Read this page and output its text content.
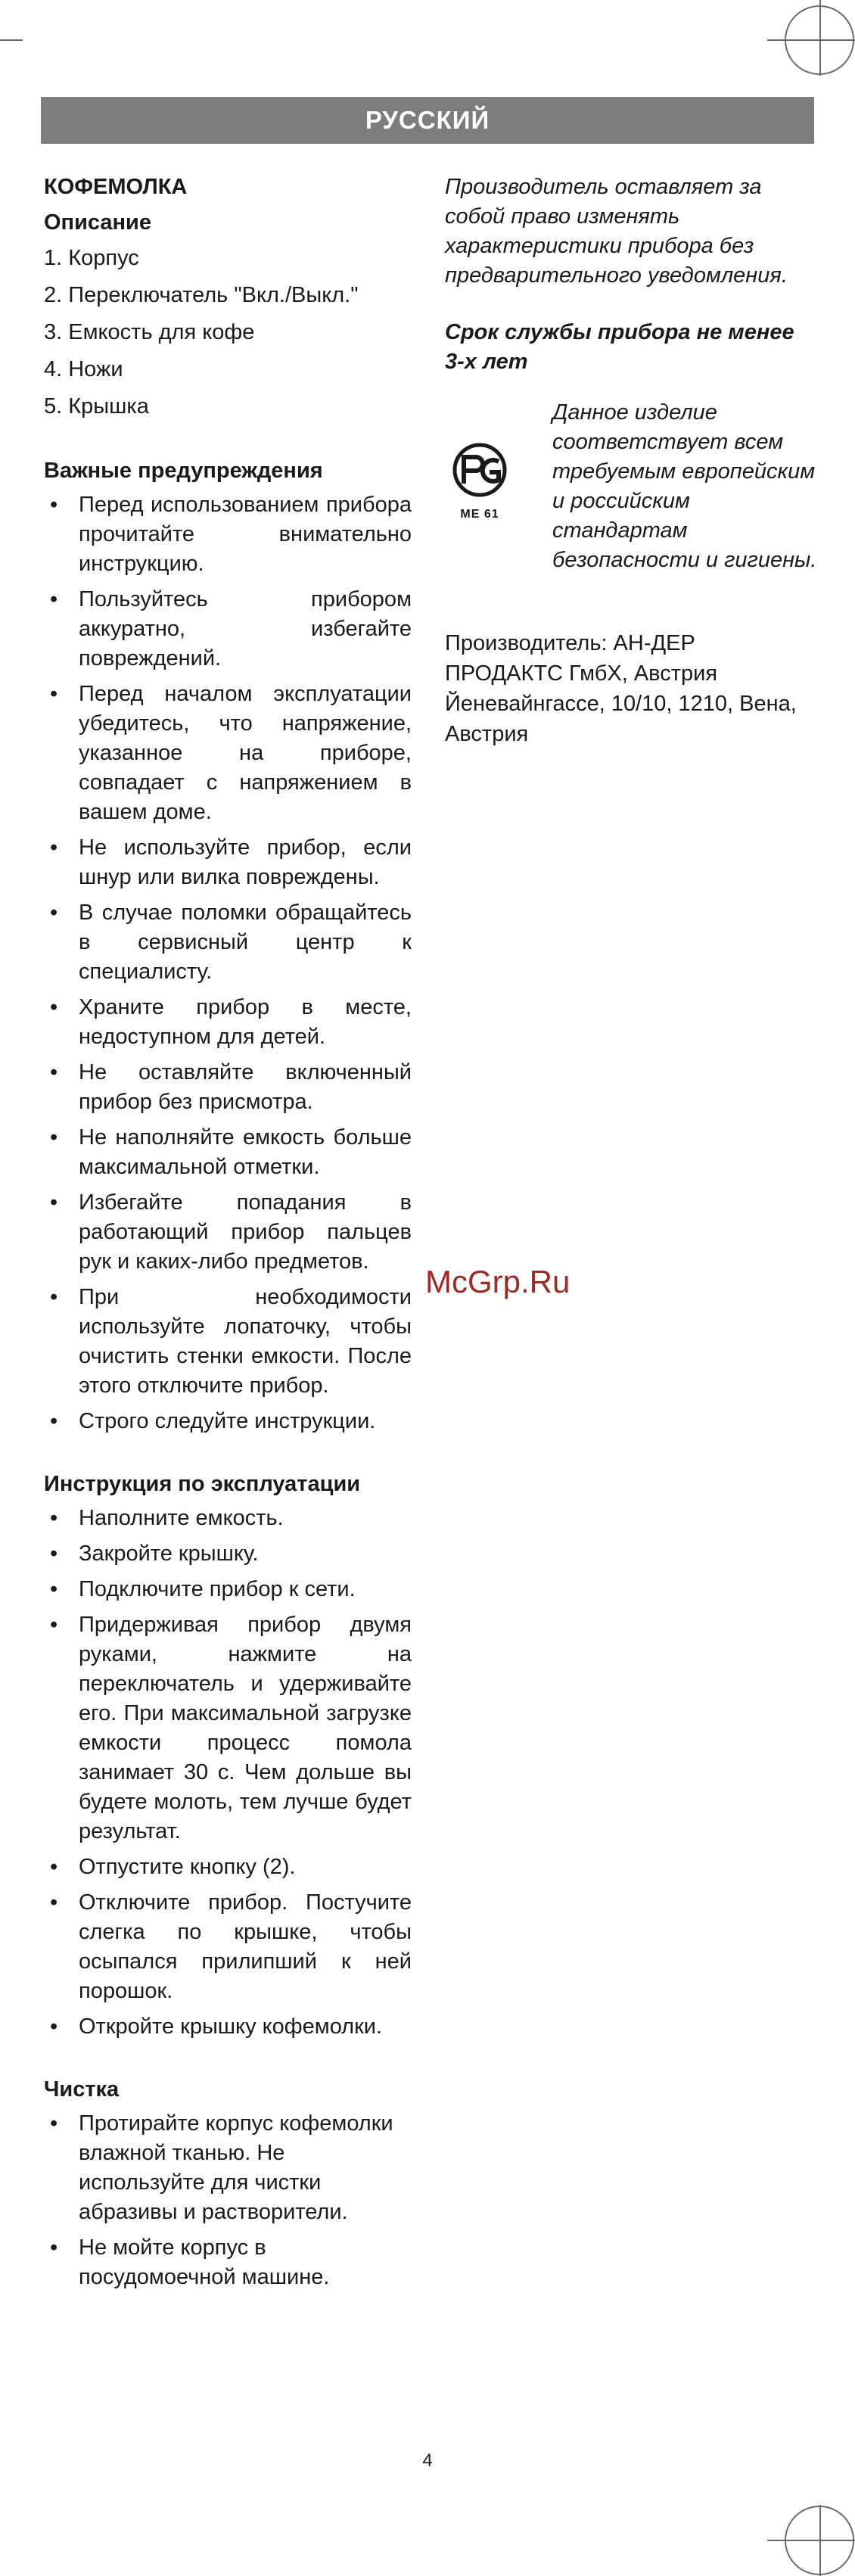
РУССКИЙ

КОФЕМОЛКА

Описание

1. Корпус
2. Переключатель "Вкл./Выкл."
3. Емкость для кофе
4. Ножи
5. Крышка

Важные предупреждения

• Перед использованием прибора прочитайте внимательно инструкцию.
• Пользуйтесь прибором аккуратно, избегайте повреждений.
• Перед началом эксплуатации убедитесь, что напряжение, указанное на приборе, совпадает с напряжением в вашем доме.
• Не используйте прибор, если шнур или вилка повреждены.
• В случае поломки обращайтесь в сервисный центр к специалисту.
• Храните прибор в месте, недоступном для детей.
• Не оставляйте включенный прибор без присмотра.
• Не наполняйте емкость больше максимальной отметки.
• Избегайте попадания в работающий прибор пальцев рук и каких-либо предметов.
• При необходимости используйте лопаточку, чтобы очистить стенки емкости. После этого отключите прибор.
• Строго следуйте инструкции.

Инструкция по эксплуатации

• Наполните емкость.
• Закройте крышку.
• Подключите прибор к сети.
• Придерживая прибор двумя руками, нажмите на переключатель и удерживайте его. При максимальной загрузке емкости процесс помола занимает 30 с. Чем дольше вы будете молоть, тем лучше будет результат.
• Отпустите кнопку (2).
• Отключите прибор. Постучите слегка по крышке, чтобы осыпался прилипший к ней порошок.
• Откройте крышку кофемолки.

Чистка

• Протирайте корпус кофемолки влажной тканью. Не используйте для чистки абразивы и растворители.
• Не мойте корпус в посудомоечной машине.

Производитель оставляет за собой право изменять характеристики прибора без предварительного уведомления.

Срок службы прибора не менее 3-х лет

МЕ 61

Данное изделие соответствует всем требуемым европейским и российским стандартам безопасности и гигиены.

Производитель: АН-ДЕР ПРОДАКТС ГмбХ, Австрия Йеневайнгассе, 10/10, 1210, Вена, Австрия

McGrp.Ru
4
